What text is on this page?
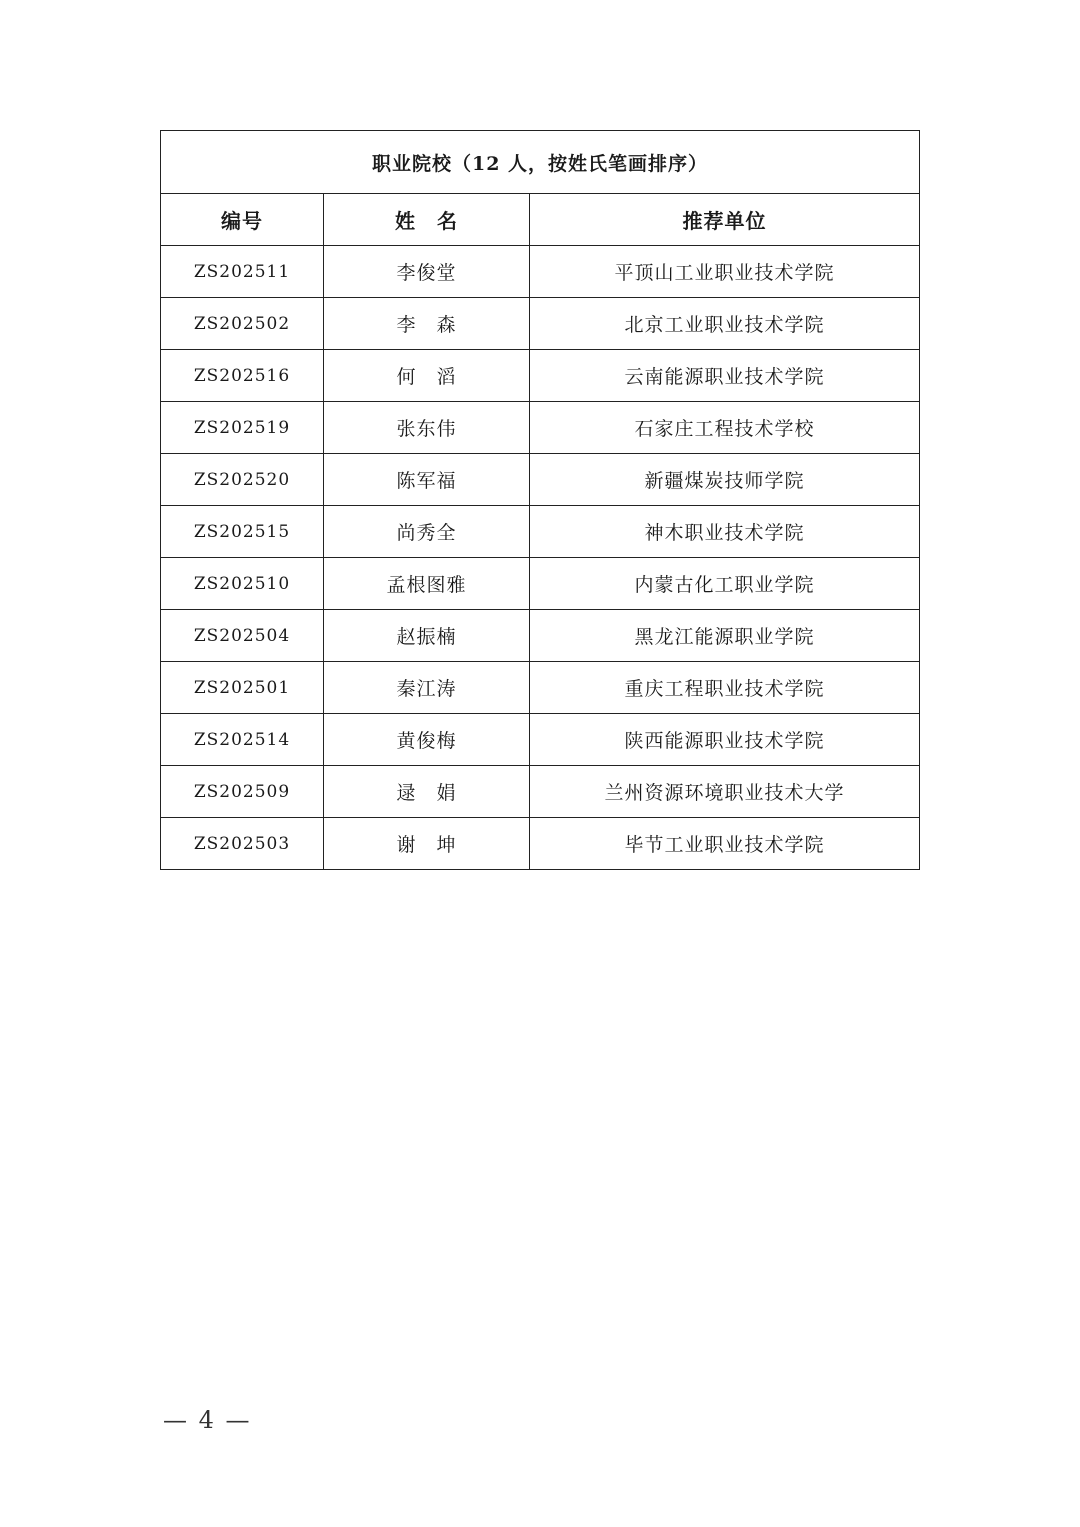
职业院校（12 人，按姓氏笔画排序）		
编号	姓　名	推荐单位
ZS202511	李俊堂	平顶山工业职业技术学院
ZS202502	李　森	北京工业职业技术学院
ZS202516	何　滔	云南能源职业技术学院
ZS202519	张东伟	石家庄工程技术学校
ZS202520	陈军福	新疆煤炭技师学院
ZS202515	尚秀全	神木职业技术学院
ZS202510	孟根图雅	内蒙古化工职业学院
ZS202504	赵振楠	黑龙江能源职业学院
ZS202501	秦江涛	重庆工程职业技术学院
ZS202514	黄俊梅	陕西能源职业技术学院
ZS202509	逯　娟	兰州资源环境职业技术大学
ZS202503	谢　坤	毕节工业职业技术学院
— 4 —
